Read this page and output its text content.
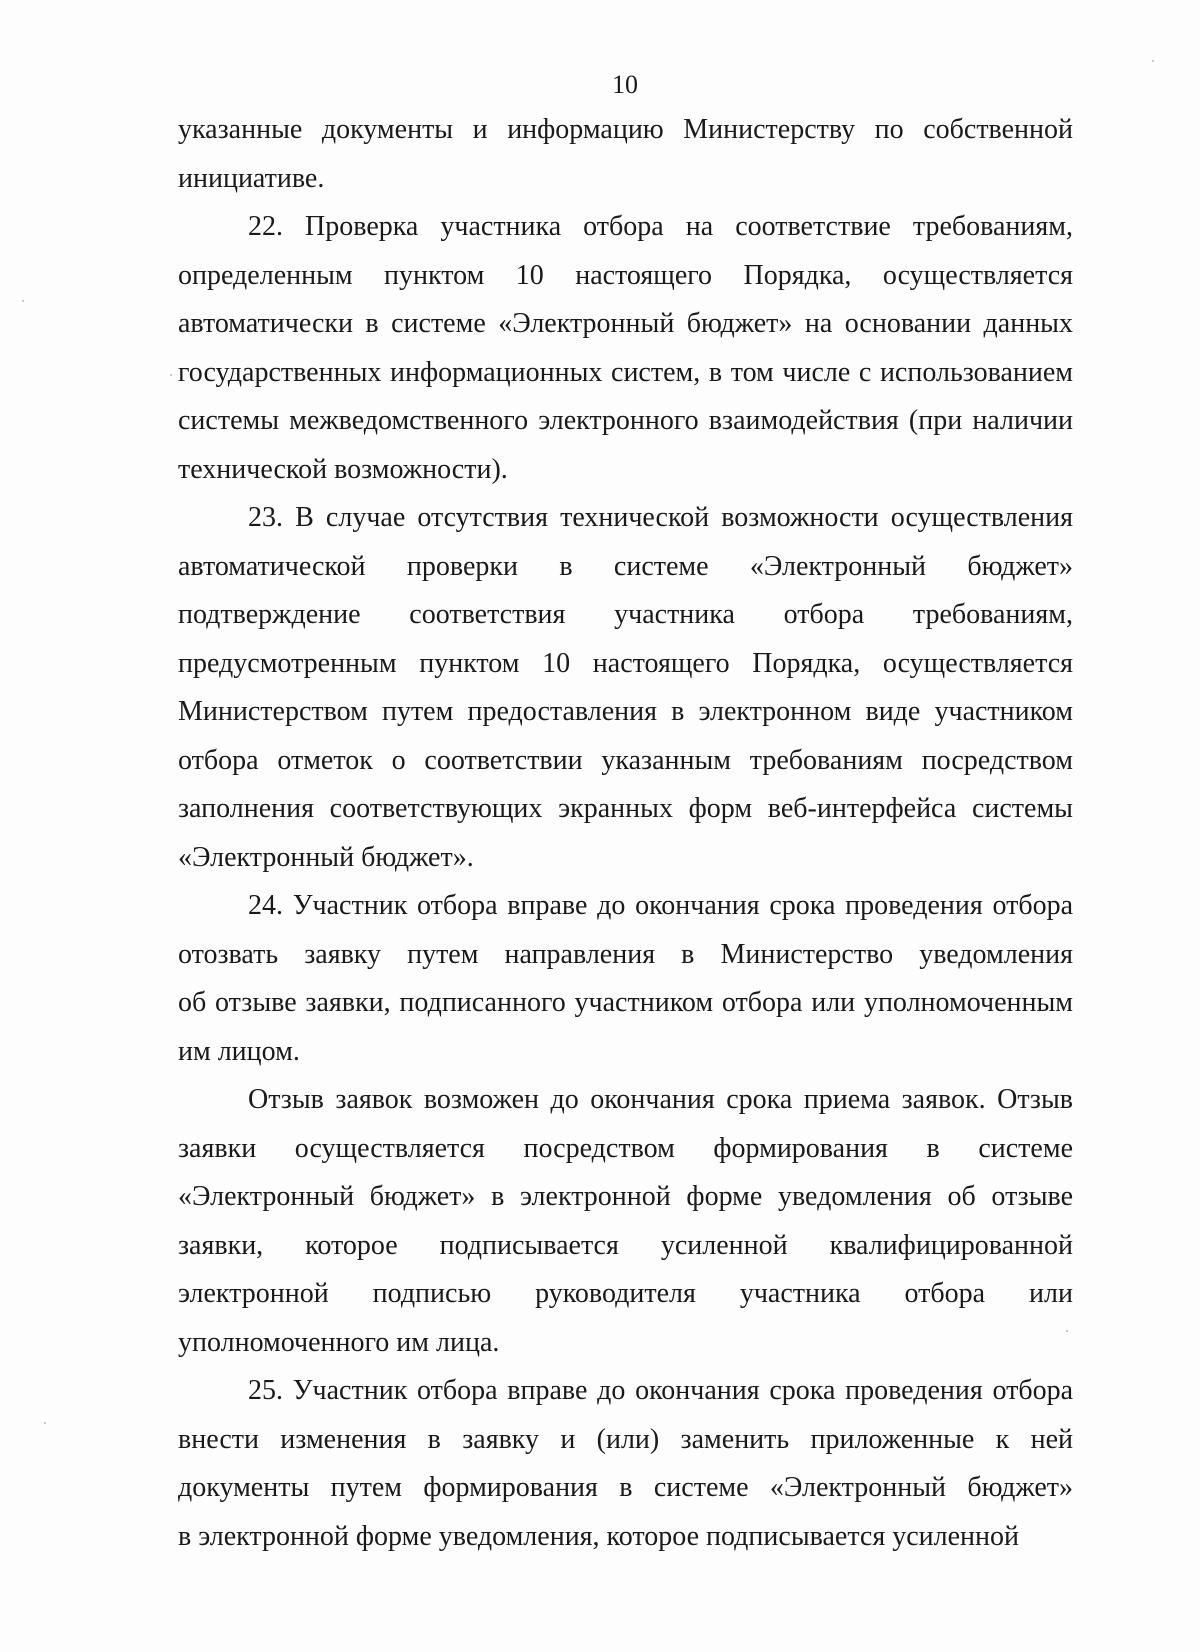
10
указанные документы и информацию Министерству по собственной
инициативе.
22. Проверка участника отбора на соответствие требованиям,
определенным пунктом 10 настоящего Порядка, осуществляется
автоматически в системе «Электронный бюджет» на основании данных
государственных информационных систем, в том числе с использованием
системы межведомственного электронного взаимодействия (при наличии
технической возможности).
23. В случае отсутствия технической возможности осуществления
автоматической проверки в системе «Электронный бюджет»
подтверждение соответствия участника отбора требованиям,
предусмотренным пунктом 10 настоящего Порядка, осуществляется
Министерством путем предоставления в электронном виде участником
отбора отметок о соответствии указанным требованиям посредством
заполнения соответствующих экранных форм веб-интерфейса системы
«Электронный бюджет».
24. Участник отбора вправе до окончания срока проведения отбора
отозвать заявку путем направления в Министерство уведомления
об отзыве заявки, подписанного участником отбора или уполномоченным
им лицом.
Отзыв заявок возможен до окончания срока приема заявок. Отзыв
заявки осуществляется посредством формирования в системе
«Электронный бюджет» в электронной форме уведомления об отзыве
заявки, которое подписывается усиленной квалифицированной
электронной подписью руководителя участника отбора или
уполномоченного им лица.
25. Участник отбора вправе до окончания срока проведения отбора
внести изменения в заявку и (или) заменить приложенные к ней
документы путем формирования в системе «Электронный бюджет»
в электронной форме уведомления, которое подписывается усиленной
